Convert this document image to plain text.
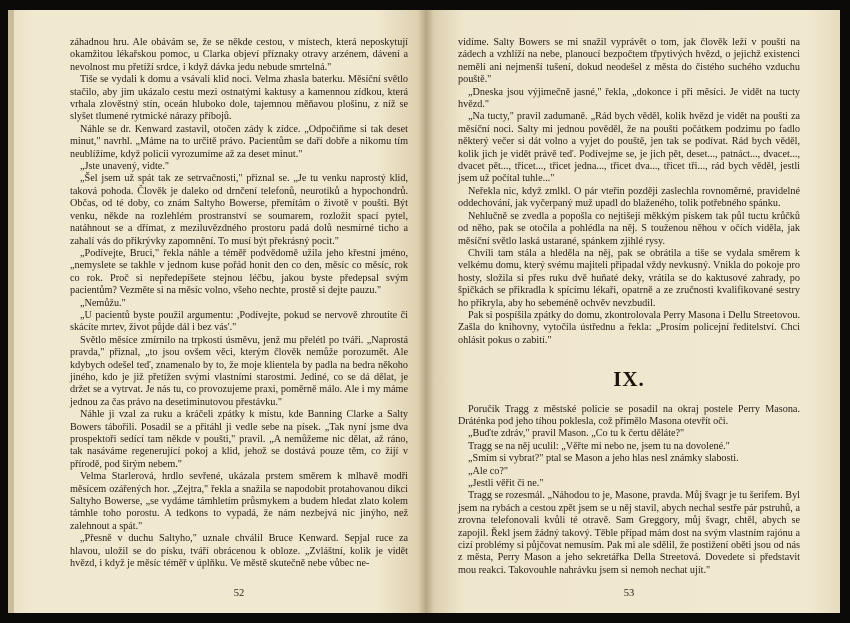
záhadnou hru. Ale obávám se, že se někde cestou, v místech, která neposkytují okamžitou lékařskou pomoc, u Clarka objeví příznaky otravy arzénem, dávení a nevolnost mu přetíží srdce, i když dávka jedu nebude smrtelná."

Tiše se vydali k domu a vsávali klid noci. Velma zhasla baterku. Měsíční světlo stačilo, aby jim ukázalo cestu mezi ostnatými kaktusy a kamennou zídkou, která vrhala zlověstný stín, oceán hluboko dole, tajemnou měňavou plošinu, z níž se slyšet tlumené rytmické nárazy příbojů.

Náhle se dr. Kenward zastavil, otočen zády k zídce. „Odpočiňme si tak deset minut," navrhl. „Máme na to určitě právo. Pacientům se daří dobře a nikomu tím neublížíme, když policii vyrozumíme až za deset minut."

„Jste unavený, vidte."

„Šel jsem už spát tak ze setrvačnosti," přiznal se. „Je tu venku naprostý klid, taková pohoda. Člověk je daleko od drnčení telefonů, neurotiků a hypochondrů. Občas, od té doby, co znám Saltyho Bowerse, přemítám o životě v poušti. Být venku, někde na rozlehlém prostranství se soumarem, rozložit spací pytel, natáhnout se a dřímat, z meziluvězdného prostoru padá dolů nesmírné ticho a zahalí vás do přikrývky zapomnění. To musí být překrásný pocit."

„Podívejte, Bruci," řekla náhle a téměř podvědomě užila jeho křestní jméno, „nemyslete se takhle v jednom kuse pořád honit den co den, měsíc co měsíc, rok co rok. Proč si nepředepíšete stejnou léčbu, jakou byste předepsal svým pacientům? Vezměte si na měsíc volno, všeho nechte, prostě si dejte pauzu."

„Nemůžu."

„U pacientů byste použil argumentu: ,Podívejte, pokud se nervově zhroutíte či skácíte mrtev, život půjde dál i bez vás'."

Světlo měsíce zmírnilo na trpkosti úsměvu, jenž mu přelétl po tváři. „Naprostá pravda," přiznal, „to jsou ovšem věci, kterým člověk nemůže porozumět. Ale kdybych odešel teď, znamenalo by to, že moje klientela by padla na bedra někoho jiného, kdo je již přetížen svými vlastními starostmi. Jediné, co se dá dělat, je držet se a vytrvat. Je nás tu, co provozujeme praxi, poměrně málo. Ale i my máme jednou za čas právo na desetiminutovou přestávku."

Náhle ji vzal za ruku a kráčeli zpátky k místu, kde Banning Clarke a Salty Bowers tábořili. Posadil se a přitáhl ji vedle sebe na písek. „Tak nyní jsme dva prospektoři sedící tam někde v poušti," pravil. „A nemůžeme nic dělat, až ráno, tak nasáváme regenerující pokoj a klid, jehož se dostává pouze těm, co žijí v přírodě, pod širým nebem."

Velma Starlerová, hrdlo sevřené, ukázala prstem směrem k mlhavě modři měsícem ozářených hor. „Zejtra," řekla a snažila se napodobit protahovanou dikci Saltyho Bowerse, „se vydáme támhletím průsmykem a budem hledat zlato kolem támhle toho porostu. A tedkons to vypadá, že nám nezbejvá nic jinýho, než zalehnout a spát."

„Přesně v duchu Saltyho," uznale chválil Bruce Kenward. Sepjal ruce za hlavou, uložil se do písku, tváří obrácenou k obloze. „Zvláštní, kolik je vidět hvězd, i když je měsíc téměř v úplňku. Ve městě skutečně nebe vůbec ne-

52

vidíme. Salty Bowers se mi snažil vyprávět o tom, jak člověk leží v poušti na zádech a vzhlíží na nebe, planoucí bezpočtem třpytivých hvězd, o jejichž existenci nemělí ani nejmenší tušení, dokud neodešel z města do čistého suchého vzduchu pouště."

„Dneska jsou výjimečně jasné," řekla, „dokonce i při měsíci. Je vidět na tucty hvězd."

„Na tucty," pravil zadumaně. „Rád bych věděl, kolik hvězd je vidět na poušti za měsíční noci. Salty mi jednou pověděl, že na poušti počátkem podzimu po fadlo některý večer si dát volno a vyjet do pouště, jen tak se podívat. Rád bych věděl, kolik jich je vidět právě teď. Podívejme se, je jich pět, deset..., patnáct..., dvacet..., dvacet pět..., třicet..., třicet jedna..., třicet dva..., třicet tři..., rád bych věděl, jestli jsem už počítal tuhle..."

Neřekla nic, když zmlkl. O pár vteřin později zaslechla rovnoměrné, pravidelné oddechování, jak vyčerpaný muž upadl do blaženého, tolik potřebného spánku.

Nehlučně se zvedla a popošla co nejtišeji měkkým pískem tak půl tuctu krůčků od něho, pak se otočila a pohlédla na něj. S touženou něhou v očích viděla, jak měsíční světlo laská ustarané, spánkem zjihlé rysy.

Chvíli tam stála a hleděla na něj, pak se obrátila a tiše se vydala směrem k velkému domu, který svému majiteli připadal vždy nevkusný. Vnikla do pokoje pro hosty, složila si přes ruku dvě huňaté deky, vrátila se do kaktusové zahrady, po špičkách se přikradla k spícímu lékaři, opatrně a ze zručnosti kvalifikované sestry ho přikryla, aby ho sebeméně ochvěv nevzbudil.

Pak si pospíšila zpátky do domu, zkontrolovala Perry Masona i Dellu Streetovou. Zašla do knihovny, vytočila ústřednu a řekla: „Prosím policejní ředitelství. Chci ohlásit pokus o zabití."

IX.

Poručík Tragg z městské policie se posadil na okraj postele Perry Masona. Dráténka pod jeho tíhou poklesla, což přimělo Masona otevřít oči.

„Buďte zdráv," pravil Mason. „Co tu k čertu děláte?"

Tragg se na něj uculil: „Věřte mi nebo ne, jsem tu na dovolené."

„Smím si vybrat?" ptal se Mason a jeho hlas nesl známky slabosti.

„Ale co?"

„Jestli věřit či ne."

Tragg se rozesmál. „Náhodou to je, Masone, pravda. Můj švagr je tu šerifem. Byl jsem na rybách a cestou zpět jsem se u něj stavil, abych nechal sestře pár pstruhů, a zrovna telefonovali kvůli té otravě. Sam Greggory, můj švagr, chtěl, abych se zapojil. Řekl jsem žádný takový. Těble případ mám dost na svým vlastním rajónu a cizí problémy si půjčovat nemusím. Pak mi ale sdělil, že postižení oběti jsou od nás z města, Perry Mason a jeho sekretářka Della Streetová. Dovedete si představit mou reakci. Takovouhle nahrávku jsem si nemoh nechat ujít."

53
